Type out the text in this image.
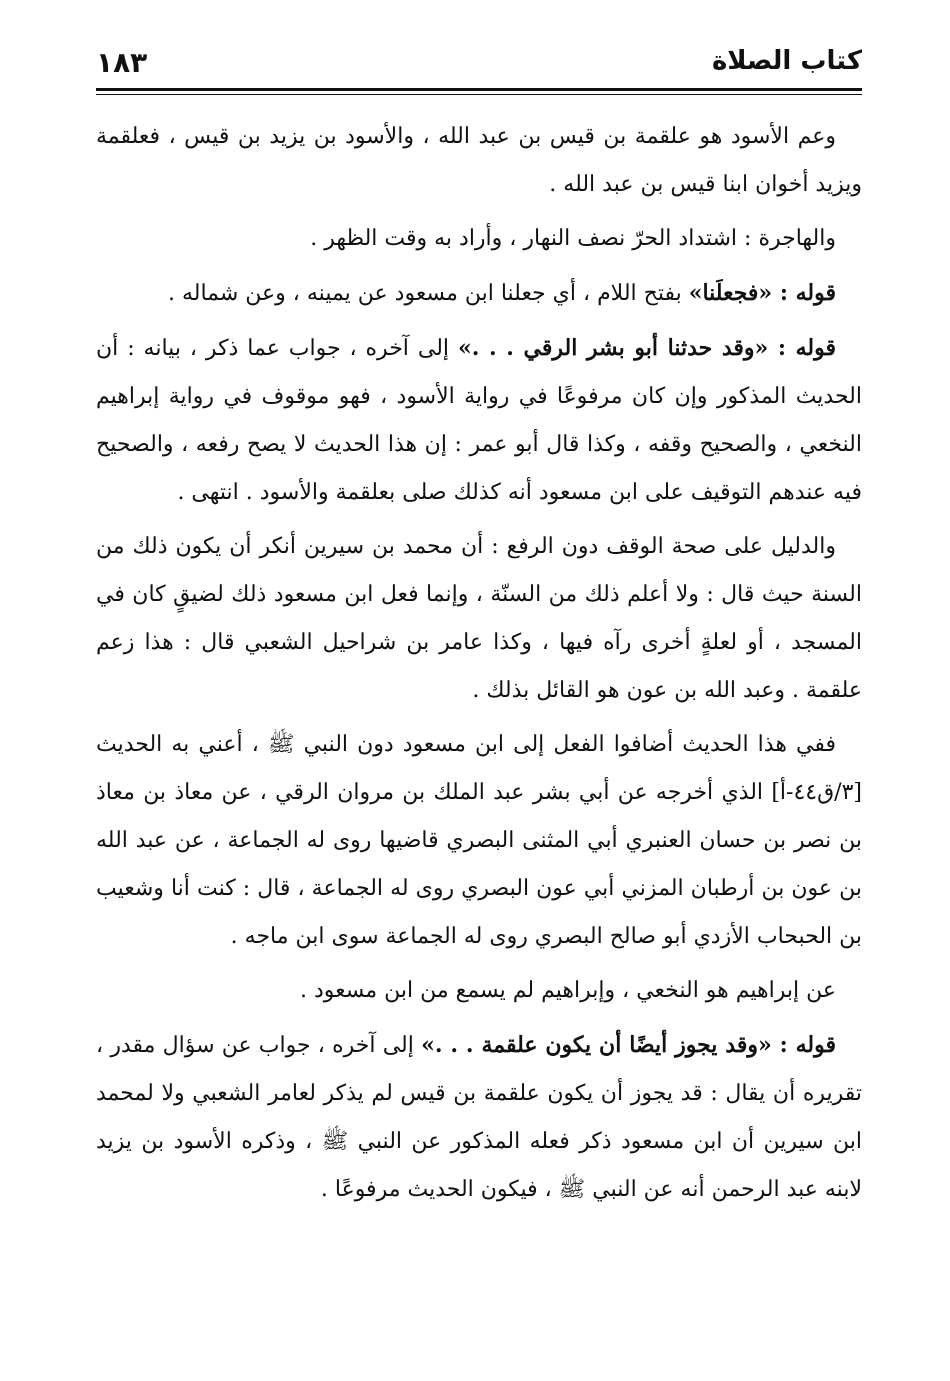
كتاب الصلاة
١٨٣

وعم الأسود هو علقمة بن قيس بن عبد الله ، والأسود بن يزيد بن قيس ، فعلقمة ويزيد أخوان ابنا قيس بن عبد الله .

والهاجرة : اشتداد الحرّ نصف النهار ، وأراد به وقت الظهر .

قوله : «فجعلَنا» بفتح اللام ، أي جعلنا ابن مسعود عن يمينه ، وعن شماله .

قوله : «وقد حدثنا أبو بشر الرقي . . .» إلى آخره ، جواب عما ذكر ، بيانه : أن الحديث المذكور وإن كان مرفوعًا في رواية الأسود ، فهو موقوف في رواية إبراهيم النخعي ، والصحيح وقفه ، وكذا قال أبو عمر : إن هذا الحديث لا يصح رفعه ، والصحيح فيه عندهم التوقيف على ابن مسعود أنه كذلك صلى بعلقمة والأسود . انتهى .

والدليل على صحة الوقف دون الرفع : أن محمد بن سيرين أنكر أن يكون ذلك من السنة حيث قال : ولا أعلم ذلك من السنّة ، وإنما فعل ابن مسعود ذلك لضيقٍ كان في المسجد ، أو لعلةٍ أخرى رآه فيها ، وكذا عامر بن شراحيل الشعبي قال : هذا زعم علقمة . وعبد الله بن عون هو القائل بذلك .

ففي هذا الحديث أضافوا الفعل إلى ابن مسعود دون النبي ﷺ ، أعني به الحديث [٣/ق٤٤-أ] الذي أخرجه عن أبي بشر عبد الملك بن مروان الرقي ، عن معاذ بن معاذ بن نصر بن حسان العنبري أبي المثنى البصري قاضيها روى له الجماعة ، عن عبد الله بن عون بن أرطبان المزني أبي عون البصري روى له الجماعة ، قال : كنت أنا وشعيب بن الحبحاب الأزدي أبو صالح البصري روى له الجماعة سوى ابن ماجه .

عن إبراهيم هو النخعي ، وإبراهيم لم يسمع من ابن مسعود .

قوله : «وقد يجوز أيضًا أن يكون علقمة . . .» إلى آخره ، جواب عن سؤال مقدر ، تقريره أن يقال : قد يجوز أن يكون علقمة بن قيس لم يذكر لعامر الشعبي ولا لمحمد ابن سيرين أن ابن مسعود ذكر فعله المذكور عن النبي ﷺ ، وذكره الأسود بن يزيد لابنه عبد الرحمن أنه عن النبي ﷺ ، فيكون الحديث مرفوعًا .
